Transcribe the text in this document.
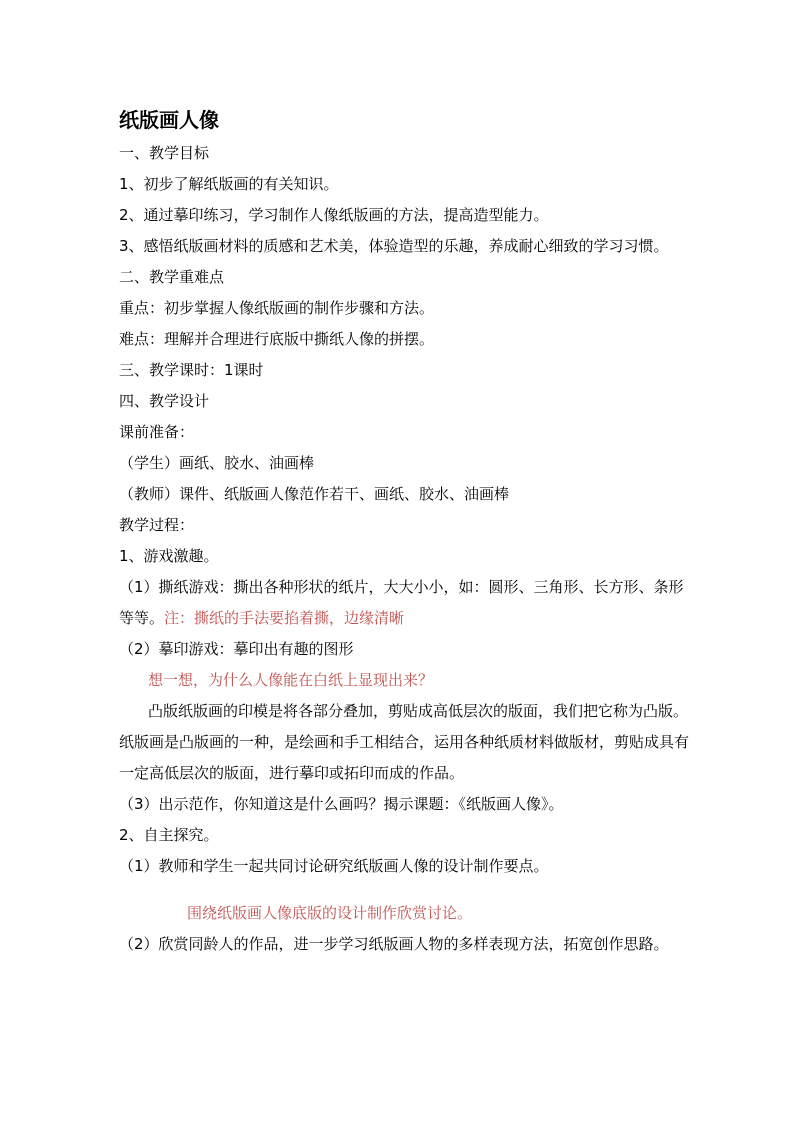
纸版画人像

一、教学目标

1、初步了解纸版画的有关知识。

2、通过摹印练习，学习制作人像纸版画的方法，提高造型能力。

3、感悟纸版画材料的质感和艺术美，体验造型的乐趣，养成耐心细致的学习习惯。

二、教学重难点

重点：初步掌握人像纸版画的制作步骤和方法。

难点：理解并合理进行底版中撕纸人像的拼摆。

三、教学课时：1课时

四、教学设计

课前准备：

（学生）画纸、胶水、油画棒

（教师）课件、纸版画人像范作若干、画纸、胶水、油画棒

教学过程：

1、游戏激趣。

（1）撕纸游戏：撕出各种形状的纸片，大大小小，如：圆形、三角形、长方形、条形等等。注：撕纸的手法要掐着撕，边缘清晰

（2）摹印游戏：摹印出有趣的图形

想一想，为什么人像能在白纸上显现出来？

凸版纸版画的印模是将各部分叠加，剪贴成高低层次的版面，我们把它称为凸版。纸版画是凸版画的一种，是绘画和手工相结合，运用各种纸质材料做版材，剪贴成具有一定高低层次的版面，进行摹印或拓印而成的作品。

（3）出示范作，你知道这是什么画吗？揭示课题：《纸版画人像》。

2、自主探究。

（1）教师和学生一起共同讨论研究纸版画人像的设计制作要点。

围绕纸版画人像底版的设计制作欣赏讨论。

（2）欣赏同龄人的作品，进一步学习纸版画人物的多样表现方法，拓宽创作思路。
